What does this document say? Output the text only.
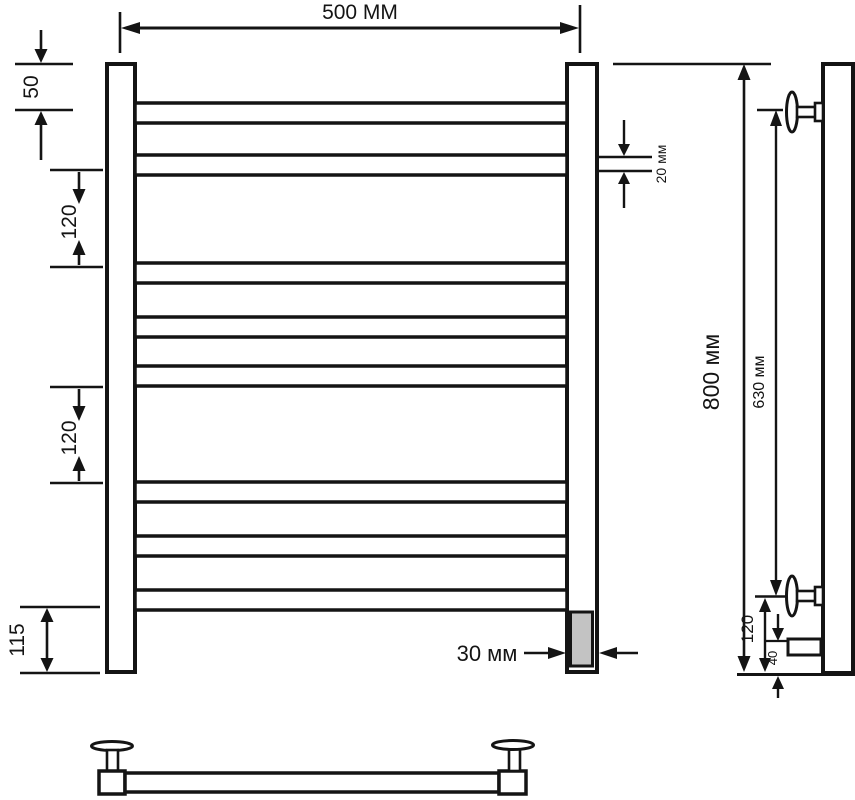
500 MM
50
120
120
115
20 мм
30 мм
800 мм 630 мм
120
40
